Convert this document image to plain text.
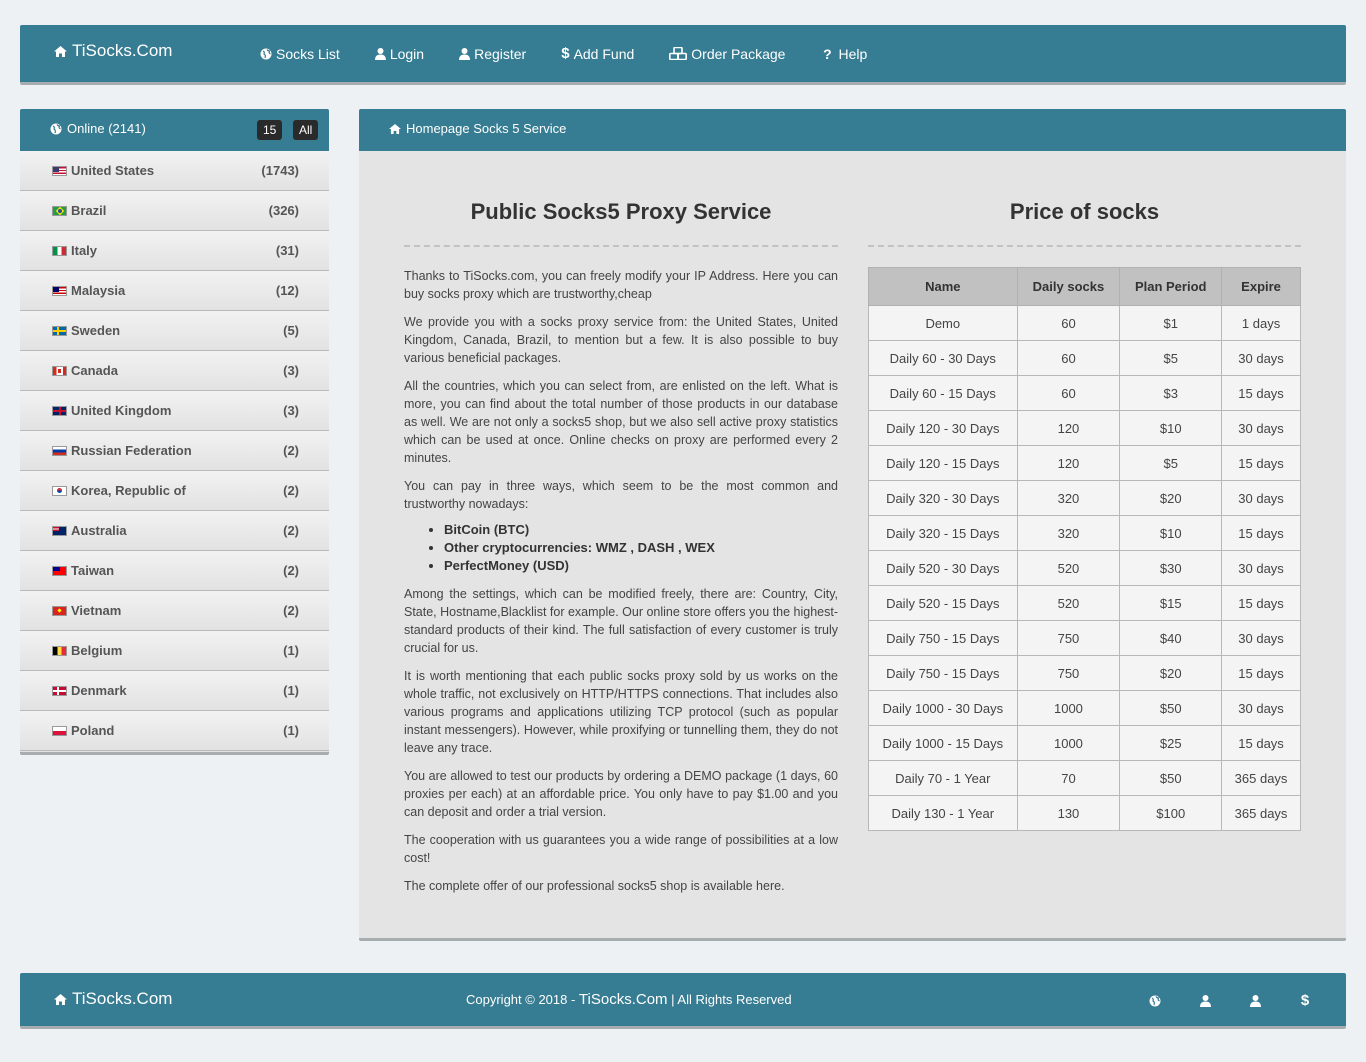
TiSocks.Com	Socks List	Login	Register $ Add Fund	Order Package	? Help
Online (2141)	15	All
United States	(1743)
Brazil	(326)
Italy	(31)
Malaysia	(12)
Sweden	(5)
Canada	(3)
United Kingdom	(3)
Russian Federation	(2)
Korea, Republic of	(2)
Australia	(2)
Taiwan	(2)
Vietnam	(2)
Belgium	(1)
Denmark	(1)
Poland	(1)
Homepage Socks 5 Service
Public Socks5 Proxy Service

Thanks to TiSocks.com, you can freely modify your IP Address. Here you can buy socks proxy which are trustworthy,cheap

We provide you with a socks proxy service from: the United States, United Kingdom, Canada, Brazil, to mention but a few. It is also possible to buy various beneficial packages.

All the countries, which you can select from, are enlisted on the left. What is more, you can find about the total number of those products in our database as well. We are not only a socks5 shop, but we also sell active proxy statistics which can be used at once. Online checks on proxy are performed every 2 minutes.

You can pay in three ways, which seem to be the most common and trustworthy nowadays:

• BitCoin (BTC)
• Other cryptocurrencies: WMZ , DASH , WEX
• PerfectMoney (USD)

Among the settings, which can be modified freely, there are: Country, City, State, Hostname,Blacklist for example. Our online store offers you the highest-standard products of their kind. The full satisfaction of every customer is truly crucial for us.

It is worth mentioning that each public socks proxy sold by us works on the whole traffic, not exclusively on HTTP/HTTPS connections. That includes also various programs and applications utilizing TCP protocol (such as popular instant messengers). However, while proxifying or tunnelling them, they do not leave any trace.

You are allowed to test our products by ordering a DEMO package (1 days, 60 proxies per each) at an affordable price. You only have to pay $1.00 and you can deposit and order a trial version.

The cooperation with us guarantees you a wide range of possibilities at a low cost!

The complete offer of our professional socks5 shop is available here.

Price of socks
Name	Daily socks	Plan Period	Expire
Demo	60	$1	1 days
Daily 60 - 30 Days	60	$5	30 days
Daily 60 - 15 Days	60	$3	15 days
Daily 120 - 30 Days	120	$10	30 days
Daily 120 - 15 Days	120	$5	15 days
Daily 320 - 30 Days	320	$20	30 days
Daily 320 - 15 Days	320	$10	15 days
Daily 520 - 30 Days	520	$30	30 days
Daily 520 - 15 Days	520	$15	15 days
Daily 750 - 15 Days	750	$40	30 days
Daily 750 - 15 Days	750	$20	15 days
Daily 1000 - 30 Days	1000	$50	30 days
Daily 1000 - 15 Days	1000	$25	15 days
Daily 70 - 1 Year	70	$50	365 days
Daily 130 - 1 Year	130	$100	365 days
TiSocks.Com	Copyright © 2018 - TiSocks.Com | All Rights Reserved	$
